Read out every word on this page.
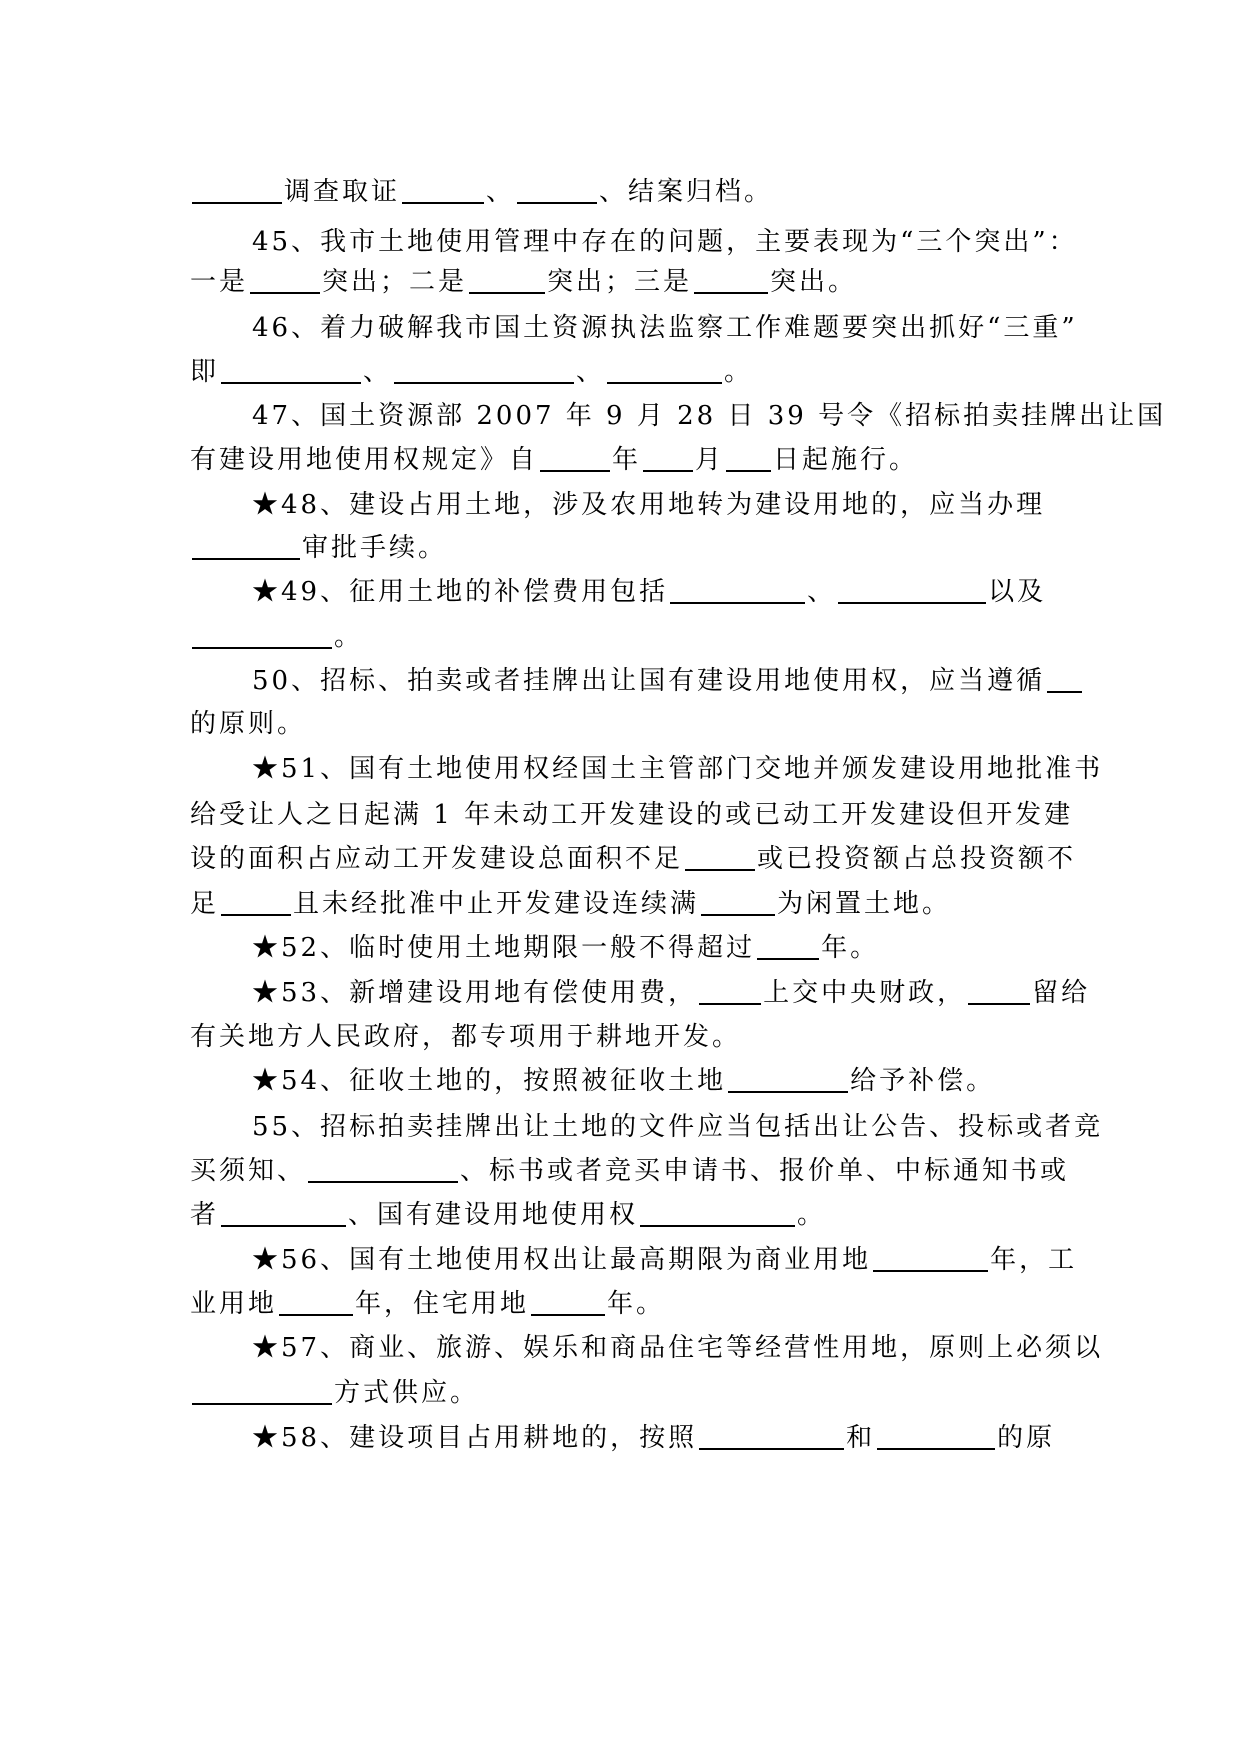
调查取证	、	、结案归档。
45、我市土地使用管理中存在的问题，主要表现为“三个突出”：
一是	突出；二是	突出；三是	突出。
46、着力破解我市国土资源执法监察工作难题要突出抓好“三重”
即	、	、	。
47、国土资源部 2007 年 9 月 28 日 39 号令《招标拍卖挂牌出让国
有建设用地使用权规定》自	年 月 日起施行。
★48、建设占用土地，涉及农用地转为建设用地的，应当办理
审批手续。
★49、征用土地的补偿费用包括	、	以及
。
50、招标、拍卖或者挂牌出让国有建设用地使用权，应当遵循
的原则。
★51、国有土地使用权经国土主管部门交地并颁发建设用地批准书
给受让人之日起满 1 年未动工开发建设的或已动工开发建设但开发建
设的面积占应动工开发建设总面积不足	或已投资额占总投资额不
足	且未经批准中止开发建设连续满	为闲置土地。
★52、临时使用土地期限一般不得超过	年。
★53、新增建设用地有偿使用费，	上交中央财政，	留给
有关地方人民政府，都专项用于耕地开发。
★54、征收土地的，按照被征收土地	给予补偿。
55、招标拍卖挂牌出让土地的文件应当包括出让公告、投标或者竞
买须知、	、标书或者竞买申请书、报价单、中标通知书或
者	、国有建设用地使用权	。
★56、国有土地使用权出让最高期限为商业用地	年，工
业用地	年，住宅用地	年。
★57、商业、旅游、娱乐和商品住宅等经营性用地，原则上必须以
方式供应。
★58、建设项目占用耕地的，按照	和	的原
